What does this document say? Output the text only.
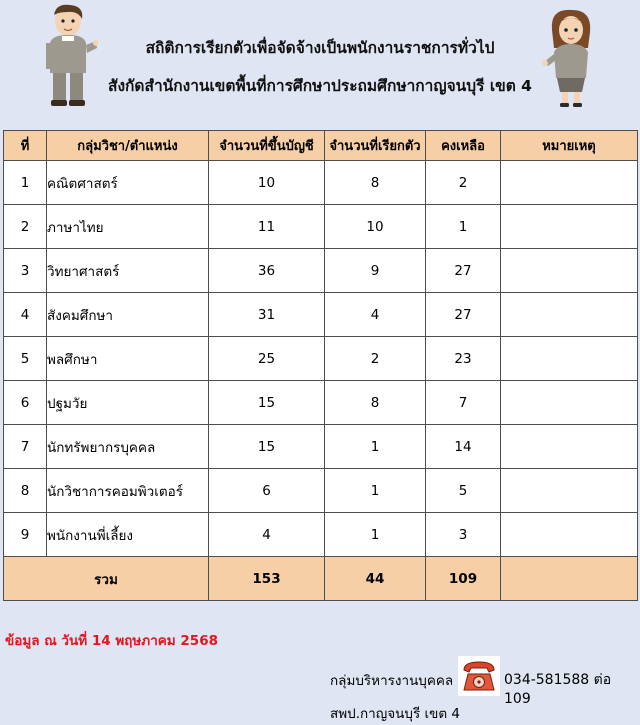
สถิติการเรียกตัวเพื่อจัดจ้างเป็นพนักงานราชการทั่วไป
สังกัดสำนักงานเขตพื้นที่การศึกษาประถมศึกษากาญจนบุรี เขต 4
ที่	กลุ่มวิชา/ตำแหน่ง	จำนวนที่ขึ้นบัญชี	จำนวนที่เรียกตัว	คงเหลือ	หมายเหตุ
1	คณิตศาสตร์	10	8	2	
2	ภาษาไทย	11	10	1	
3	วิทยาศาสตร์	36	9	27	
4	สังคมศึกษา	31	4	27	
5	พลศึกษา	25	2	23	
6	ปฐมวัย	15	8	7	
7	นักทรัพยากรบุคคล	15	1	14	
8	นักวิชาการคอมพิวเตอร์	6	1	5	
9	พนักงานพี่เลี้ยง	4	1	3	
รวม		153	44	109	
ข้อมูล ณ วันที่ 14 พฤษภาคม 2568
กลุ่มบริหารงานบุคคล	034-581588 ต่อ 109
สพป.กาญจนบุรี เขต 4
